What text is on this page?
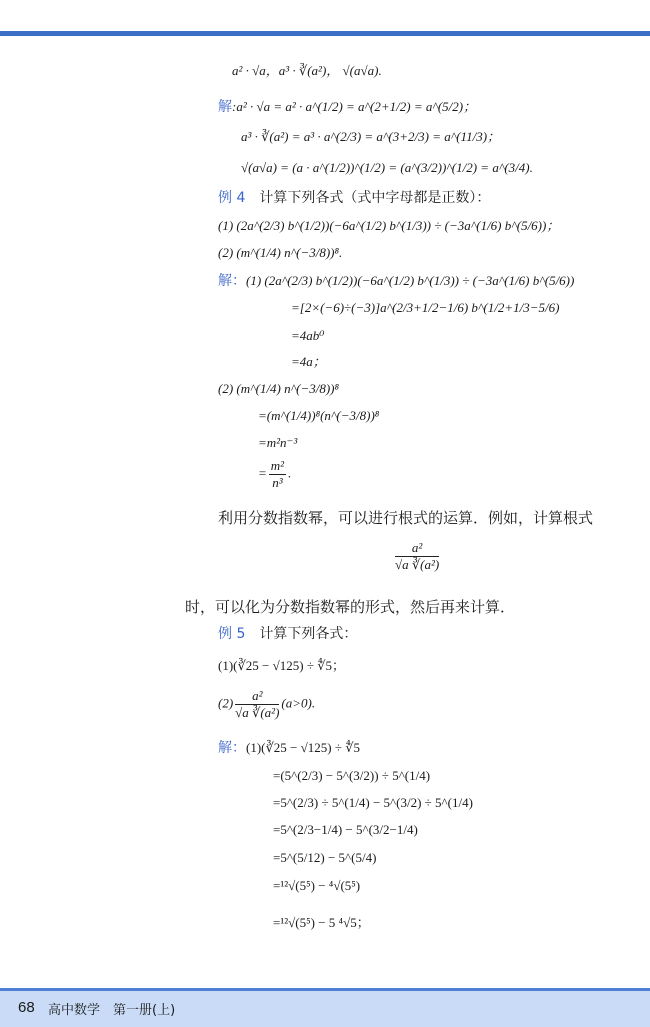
a² · √a，a³ · ∛(a²)， √(a√a).
解:a² · √a = a² · a^(1/2) = a^(2+1/2) = a^(5/2)；
a³ · ∛(a²) = a³ · a^(2/3) = a^(3+2/3) = a^(11/3)；
√(a√a) = (a · a^(1/2))^(1/2) = (a^(3/2))^(1/2) = a^(3/4).
例 4 计算下列各式（式中字母都是正数）：
(1) (2a^(2/3) b^(1/2))(−6a^(1/2) b^(1/3)) ÷ (−3a^(1/6) b^(5/6))；
(2) (m^(1/4) n^(−3/8))⁸.
解：(1) (2a^(2/3) b^(1/2))(−6a^(1/2) b^(1/3)) ÷ (−3a^(1/6) b^(5/6))
=[2×(−6)÷(−3)]a^(2/3+1/2−1/6) b^(1/2+1/3−5/6)
=4ab⁰
=4a；
(2) (m^(1/4) n^(−3/8))⁸
=(m^(1/4))⁸(n^(−3/8))⁸
=m²n⁻³
= $\frac{\text{m²}}{\text{n³}}$ .
利用分数指数幂，可以进行根式的运算．例如，计算根式
$\frac{\text{a²}}{\text{√a ∛(a²)}}$
时，可以化为分数指数幂的形式，然后再来计算．
例 5 计算下列各式：
(1)(∛25 − √125) ÷ ∜5；
$(2) \frac{\text{a²}}{\text{√a ∛(a²)}} (a>0)$.
解：(1)(∛25 − √125) ÷ ∜5
=(5^(2/3) − 5^(3/2)) ÷ 5^(1/4)
=5^(2/3) ÷ 5^(1/4) − 5^(3/2) ÷ 5^(1/4)
=5^(2/3−1/4) − 5^(3/2−1/4)
=5^(5/12) − 5^(5/4)
=¹²√(5⁵) − ⁴√(5⁵)
=¹²√(5⁵) − 5 ⁴√5；
68 高中数学　第一册(上)
